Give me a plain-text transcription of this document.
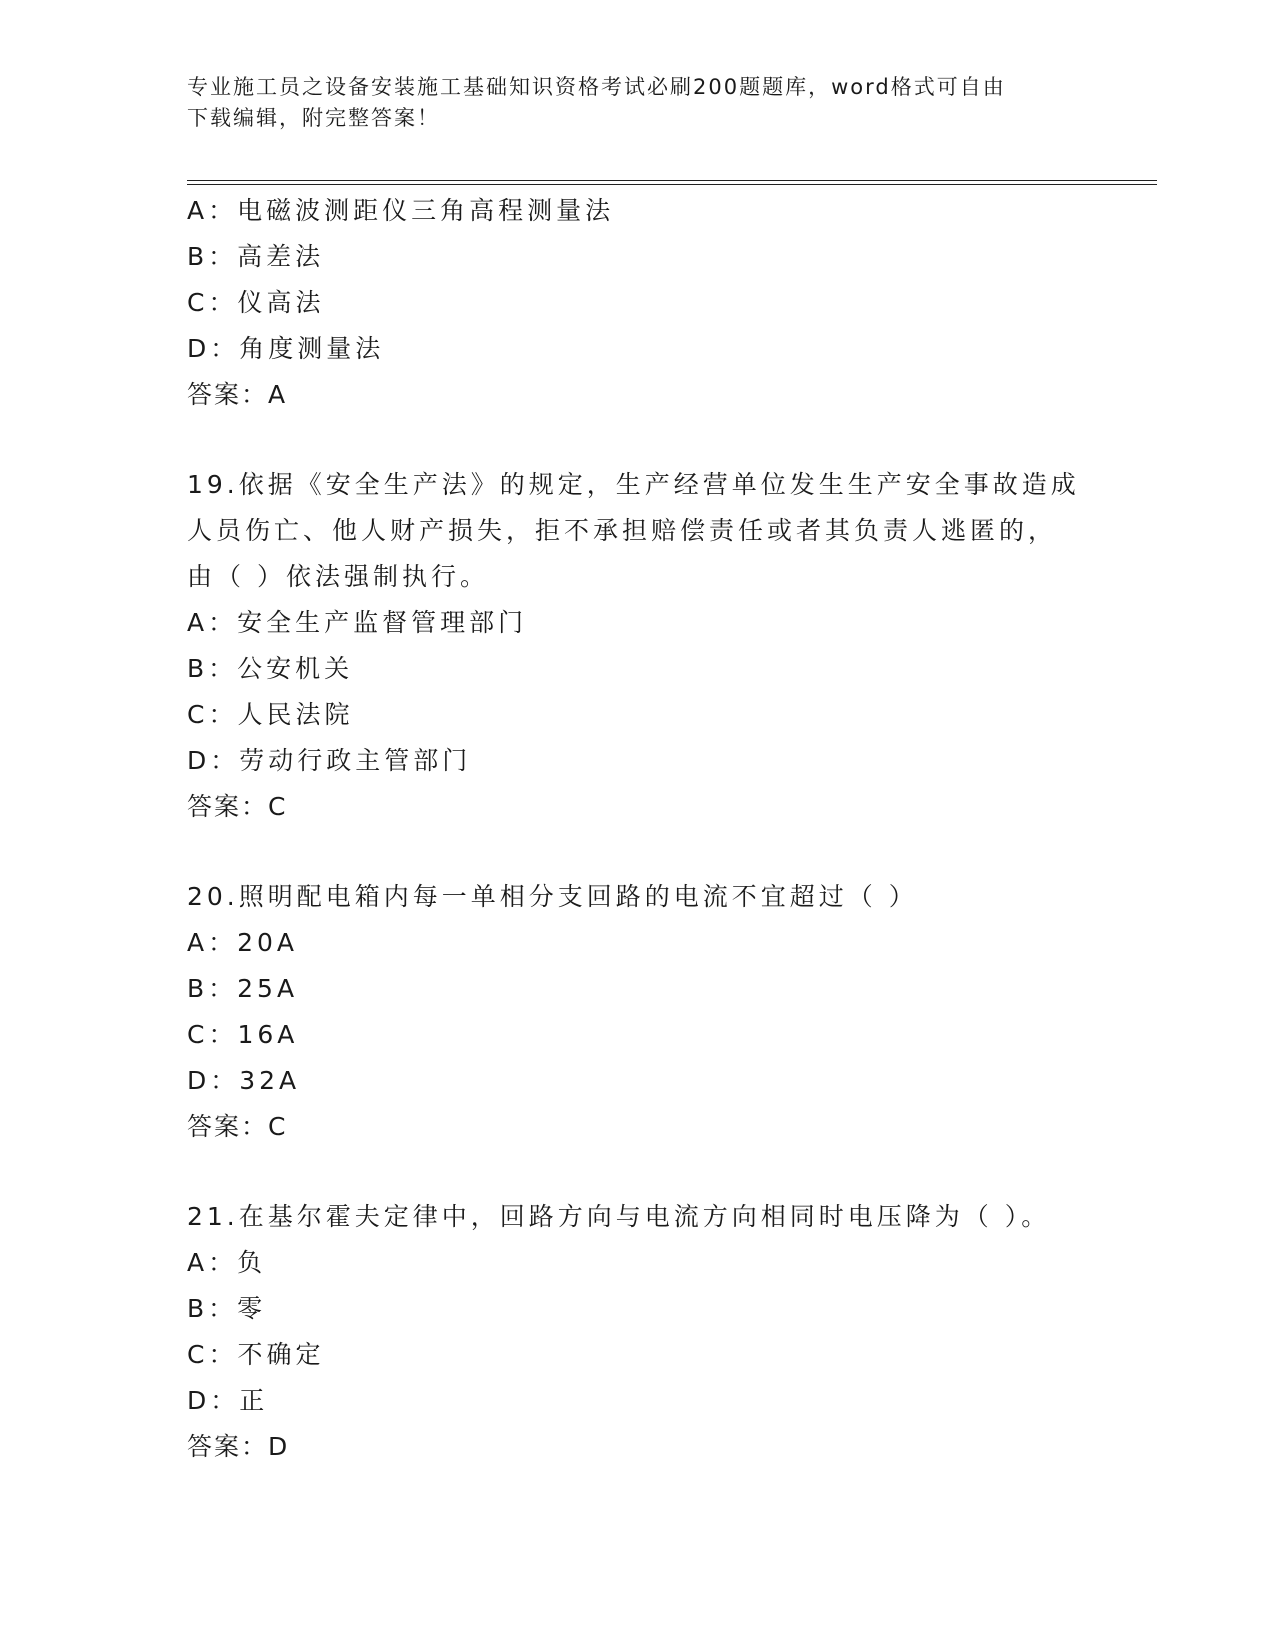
专业施工员之设备安装施工基础知识资格考试必刷200题题库，word格式可自由
下载编辑，附完整答案！
A：电磁波测距仪三角高程测量法
B：高差法
C：仪高法
D：角度测量法
答案：A
19.依据《安全生产法》的规定，生产经营单位发生生产安全事故造成
人员伤亡、他人财产损失，拒不承担赔偿责任或者其负责人逃匿的，
由（ ）依法强制执行。
A：安全生产监督管理部门
B：公安机关
C：人民法院
D：劳动行政主管部门
答案：C
20.照明配电箱内每一单相分支回路的电流不宜超过（ ）
A：20A
B：25A
C：16A
D：32A
答案：C
21.在基尔霍夫定律中，回路方向与电流方向相同时电压降为（ ）。
A：负
B：零
C：不确定
D：正
答案：D
